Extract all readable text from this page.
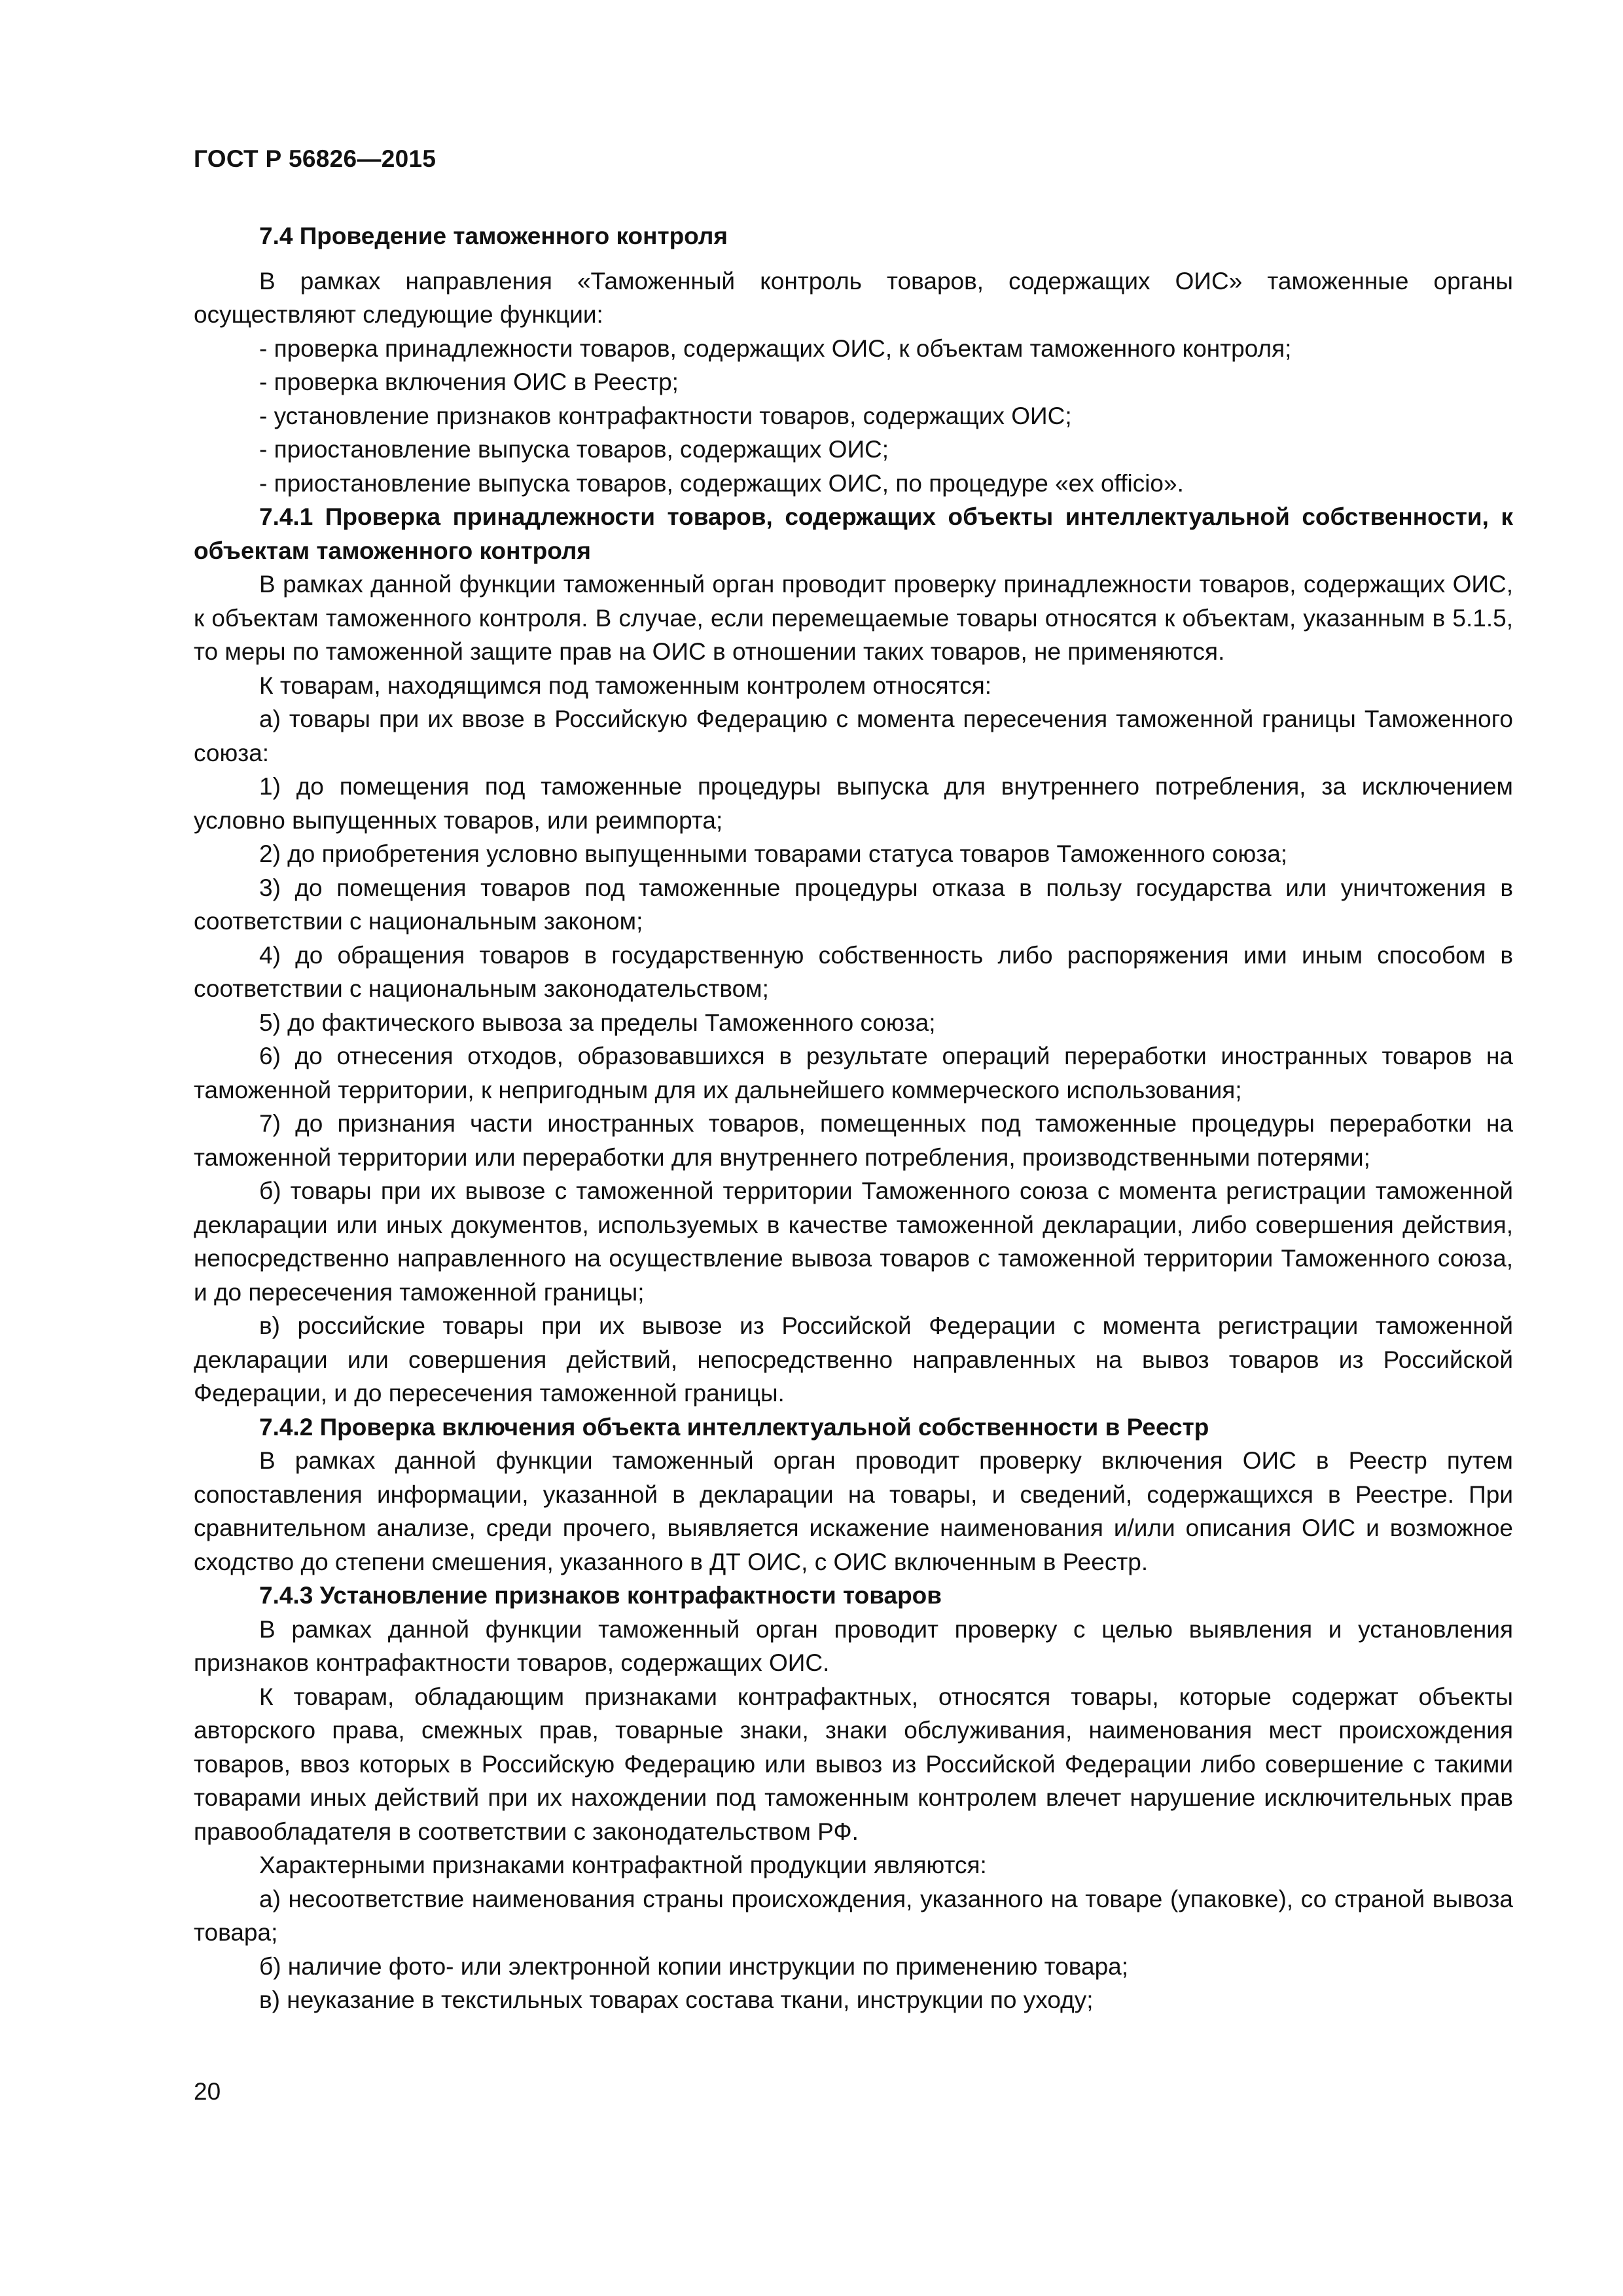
ГОСТ Р 56826—2015

7.4 Проведение таможенного контроля

В рамках направления «Таможенный контроль товаров, содержащих ОИС» таможенные органы осуществляют следующие функции:

- проверка принадлежности товаров, содержащих ОИС, к объектам таможенного контроля;

- проверка включения ОИС в Реестр;

- установление признаков контрафактности товаров, содержащих ОИС;

- приостановление выпуска товаров, содержащих ОИС;

- приостановление выпуска товаров, содержащих ОИС, по процедуре «ex officio».

7.4.1 Проверка принадлежности товаров, содержащих объекты интеллектуальной собственности, к объектам таможенного контроля

В рамках данной функции таможенный орган проводит проверку принадлежности товаров, содержащих ОИС, к объектам таможенного контроля. В случае, если перемещаемые товары относятся к объектам, указанным в 5.1.5, то меры по таможенной защите прав на ОИС в отношении таких товаров, не применяются.

К товарам, находящимся под таможенным контролем относятся:

а) товары при их ввозе в Российскую Федерацию с момента пересечения таможенной границы Таможенного союза:

1) до помещения под таможенные процедуры выпуска для внутреннего потребления, за исключением условно выпущенных товаров, или реимпорта;

2) до приобретения условно выпущенными товарами статуса товаров Таможенного союза;

3) до помещения товаров под таможенные процедуры отказа в пользу государства или уничтожения в соответствии с национальным законом;

4) до обращения товаров в государственную собственность либо распоряжения ими иным способом в соответствии с национальным законодательством;

5) до фактического вывоза за пределы Таможенного союза;

6) до отнесения отходов, образовавшихся в результате операций переработки иностранных товаров на таможенной территории, к непригодным для их дальнейшего коммерческого использования;

7) до признания части иностранных товаров, помещенных под таможенные процедуры переработки на таможенной территории или переработки для внутреннего потребления, производственными потерями;

б) товары при их вывозе с таможенной территории Таможенного союза с момента регистрации таможенной декларации или иных документов, используемых в качестве таможенной декларации, либо совершения действия, непосредственно направленного на осуществление вывоза товаров с таможенной территории Таможенного союза, и до пересечения таможенной границы;

в) российские товары при их вывозе из Российской Федерации с момента регистрации таможенной декларации или совершения действий, непосредственно направленных на вывоз товаров из Российской Федерации, и до пересечения таможенной границы.

7.4.2 Проверка включения объекта интеллектуальной собственности в Реестр

В рамках данной функции таможенный орган проводит проверку включения ОИС в Реестр путем сопоставления информации, указанной в декларации на товары, и сведений, содержащихся в Реестре. При сравнительном анализе, среди прочего, выявляется искажение наименования и/или описания ОИС и возможное сходство до степени смешения, указанного в ДТ ОИС, с ОИС включенным в Реестр.

7.4.3 Установление признаков контрафактности товаров

В рамках данной функции таможенный орган проводит проверку с целью выявления и установления признаков контрафактности товаров, содержащих ОИС.

К товарам, обладающим признаками контрафактных, относятся товары, которые содержат объекты авторского права, смежных прав, товарные знаки, знаки обслуживания, наименования мест происхождения товаров, ввоз которых в Российскую Федерацию или вывоз из Российской Федерации либо совершение с такими товарами иных действий при их нахождении под таможенным контролем влечет нарушение исключительных прав правообладателя в соответствии с законодательством РФ.

Характерными признаками контрафактной продукции являются:

а) несоответствие наименования страны происхождения, указанного на товаре (упаковке), со страной вывоза товара;

б) наличие фото- или электронной копии инструкции по применению товара;

в) неуказание в текстильных товарах состава ткани, инструкции по уходу;

20
